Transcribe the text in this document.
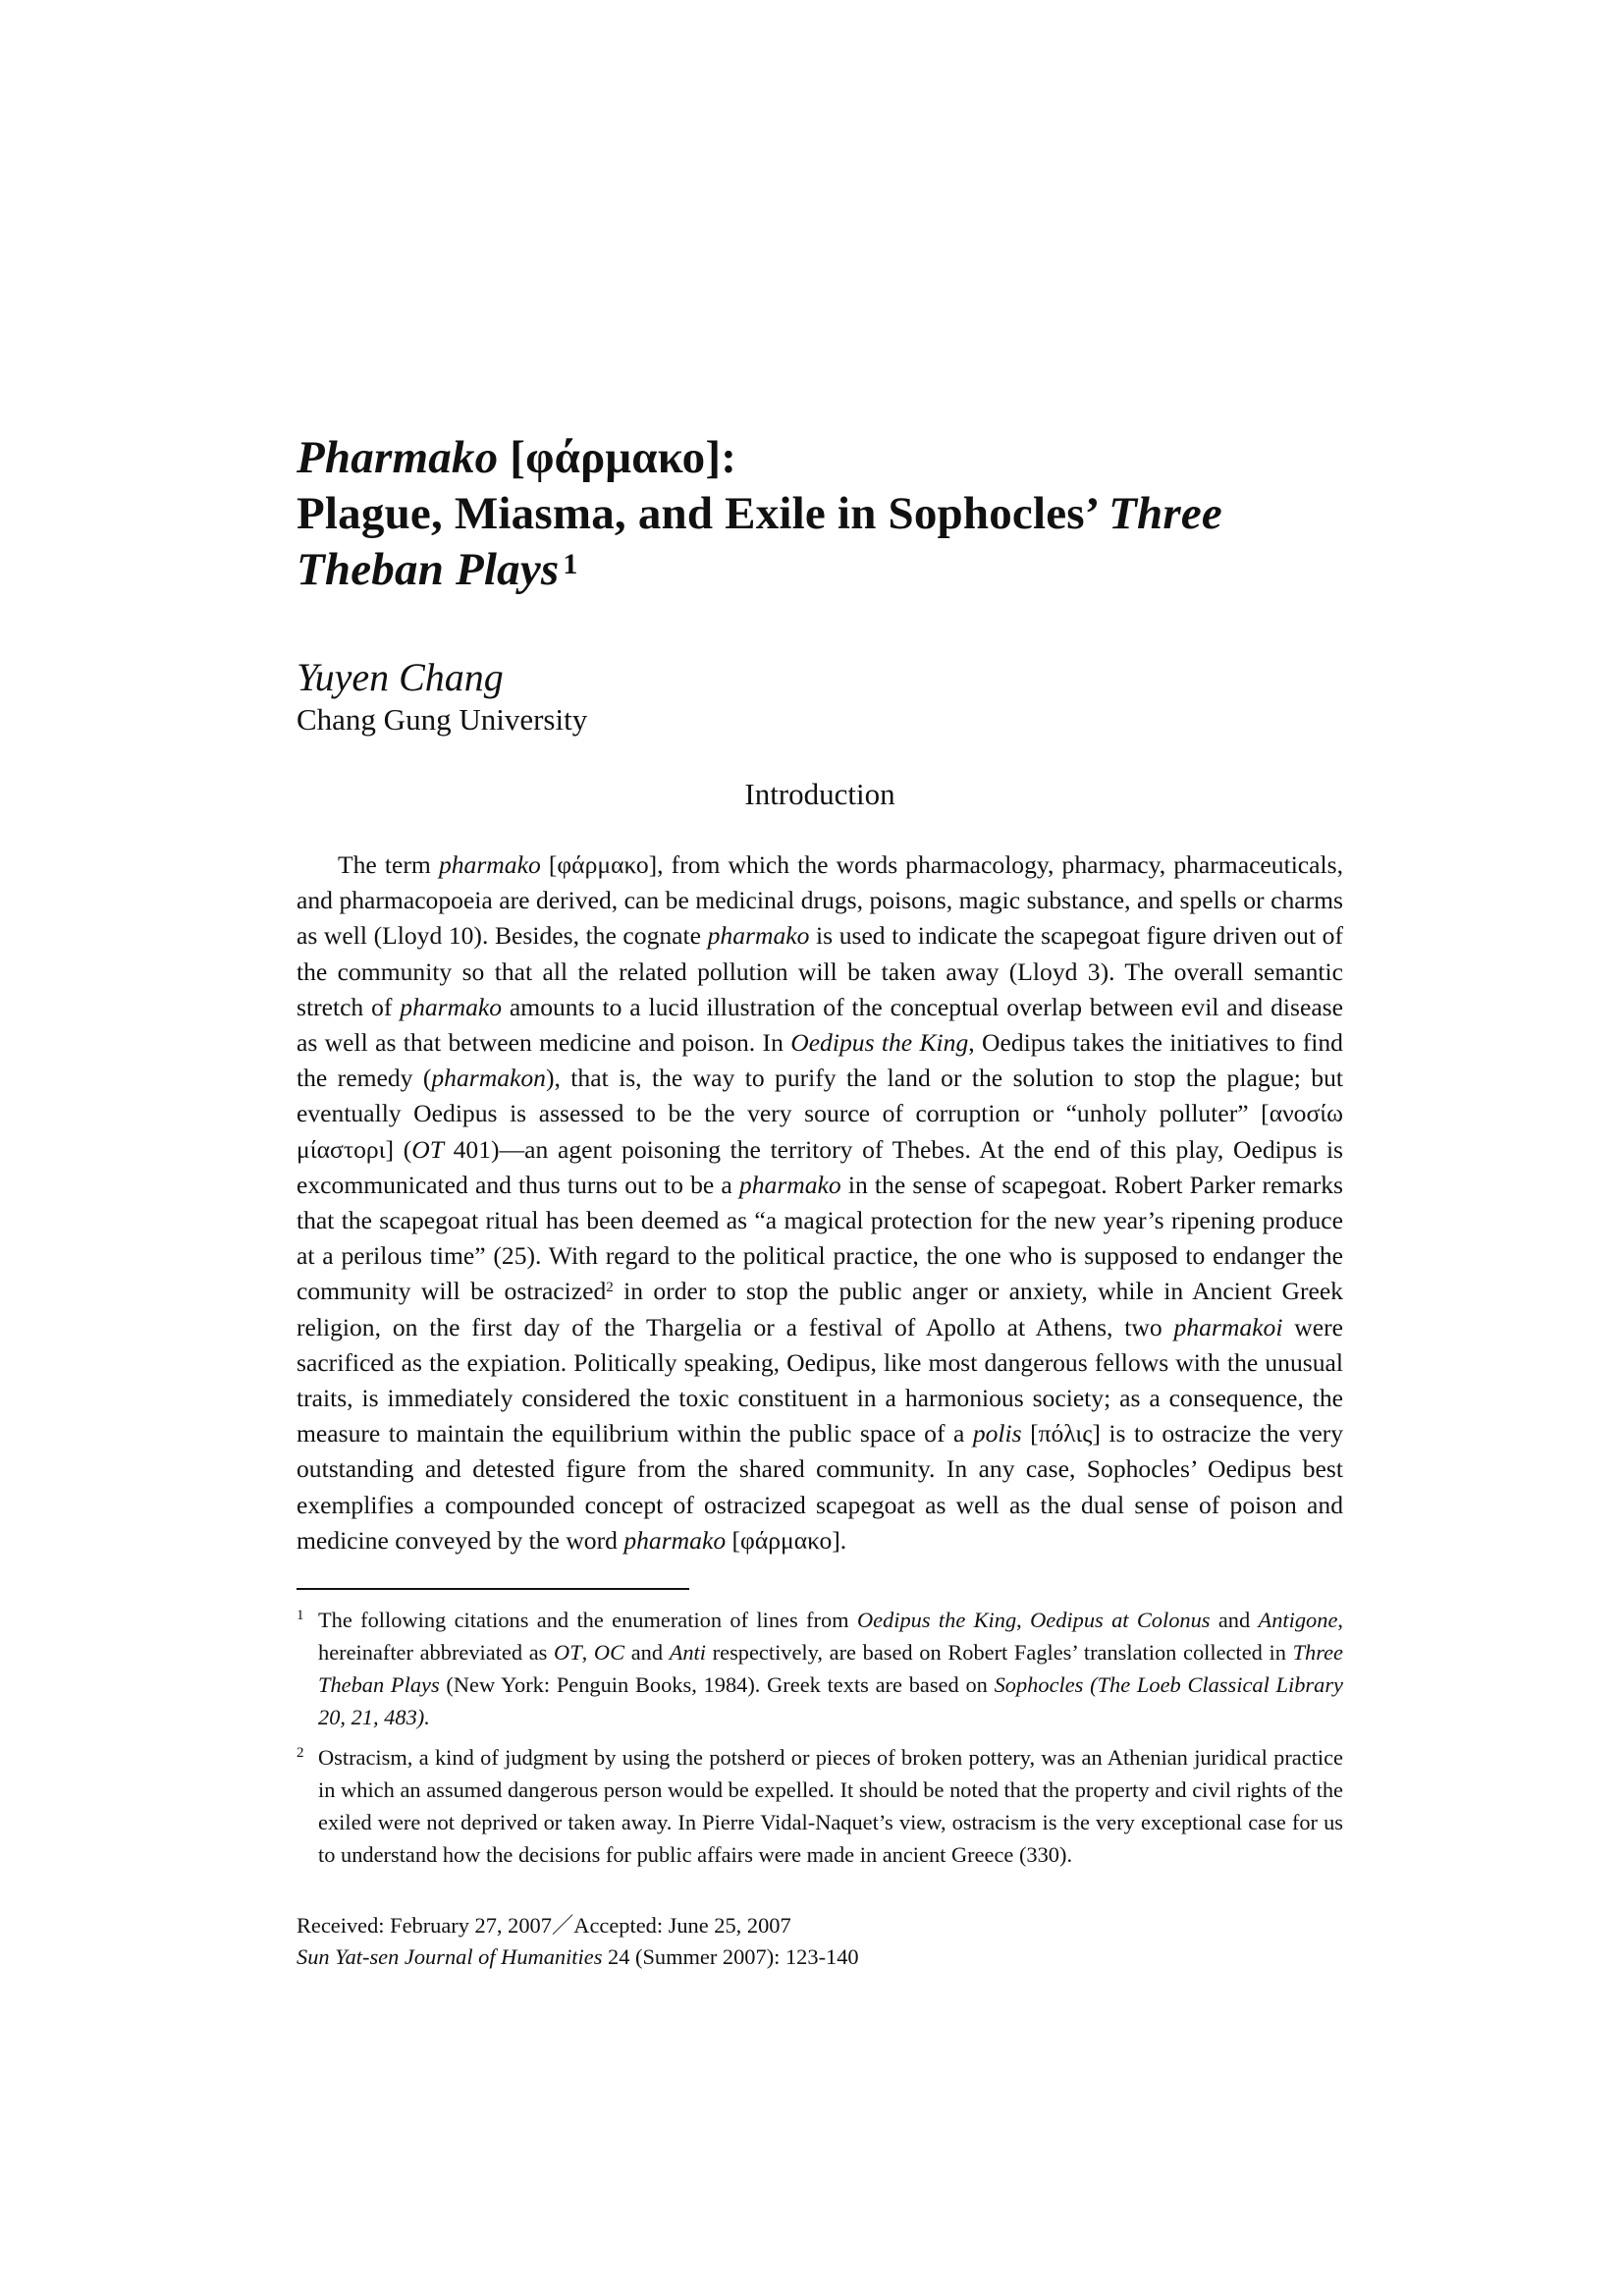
Pharmako [φάρμακο]:
Plague, Miasma, and Exile in Sophocles’ Three
Theban Plays $^1$
Yuyen Chang
Chang Gung University
Introduction

The term pharmako [φάρμακο], from which the words pharmacology, pharmacy, pharmaceuticals, and pharmacopoeia are derived, can be medicinal drugs, poisons, magic substance, and spells or charms as well (Lloyd 10). Besides, the cognate pharmako is used to indicate the scapegoat figure driven out of the community so that all the related pollution will be taken away (Lloyd 3). The overall semantic stretch of pharmako amounts to a lucid illustration of the conceptual overlap between evil and disease as well as that between medicine and poison. In Oedipus the King, Oedipus takes the initiatives to find the remedy (pharmakon), that is, the way to purify the land or the solution to stop the plague; but eventually Oedipus is assessed to be the very source of corruption or “unholy polluter” [ανοσίω μίαστορι] (OT 401)—an agent poisoning the territory of Thebes. At the end of this play, Oedipus is excommunicated and thus turns out to be a pharmako in the sense of scapegoat. Robert Parker remarks that the scapegoat ritual has been deemed as “a magical protection for the new year’s ripening produce at a perilous time” (25). With regard to the political practice, the one who is supposed to endanger the community will be ostracized$^2$ in order to stop the public anger or anxiety, while in Ancient Greek religion, on the first day of the Thargelia or a festival of Apollo at Athens, two pharmakoi were sacrificed as the expiation. Politically speaking, Oedipus, like most dangerous fellows with the unusual traits, is immediately considered the toxic constituent in a harmonious society; as a consequence, the measure to maintain the equilibrium within the public space of a polis [πόλις] is to ostracize the very outstanding and detested figure from the shared community. In any case, Sophocles’ Oedipus best exemplifies a compounded concept of ostracized scapegoat as well as the dual sense of poison and medicine conveyed by the word pharmako [φάρμακο].

1 The following citations and the enumeration of lines from Oedipus the King, Oedipus at Colonus and Antigone, hereinafter abbreviated as OT, OC and Anti respectively, are based on Robert Fagles’ translation collected in Three Theban Plays (New York: Penguin Books, 1984). Greek texts are based on Sophocles (The Loeb Classical Library 20, 21, 483).
2 Ostracism, a kind of judgment by using the potsherd or pieces of broken pottery, was an Athenian juridical practice in which an assumed dangerous person would be expelled. It should be noted that the property and civil rights of the exiled were not deprived or taken away. In Pierre Vidal-Naquet’s view, ostracism is the very exceptional case for us to understand how the decisions for public affairs were made in ancient Greece (330).
Received: February 27, 2007／Accepted: June 25, 2007
Sun Yat-sen Journal of Humanities 24 (Summer 2007): 123-140
